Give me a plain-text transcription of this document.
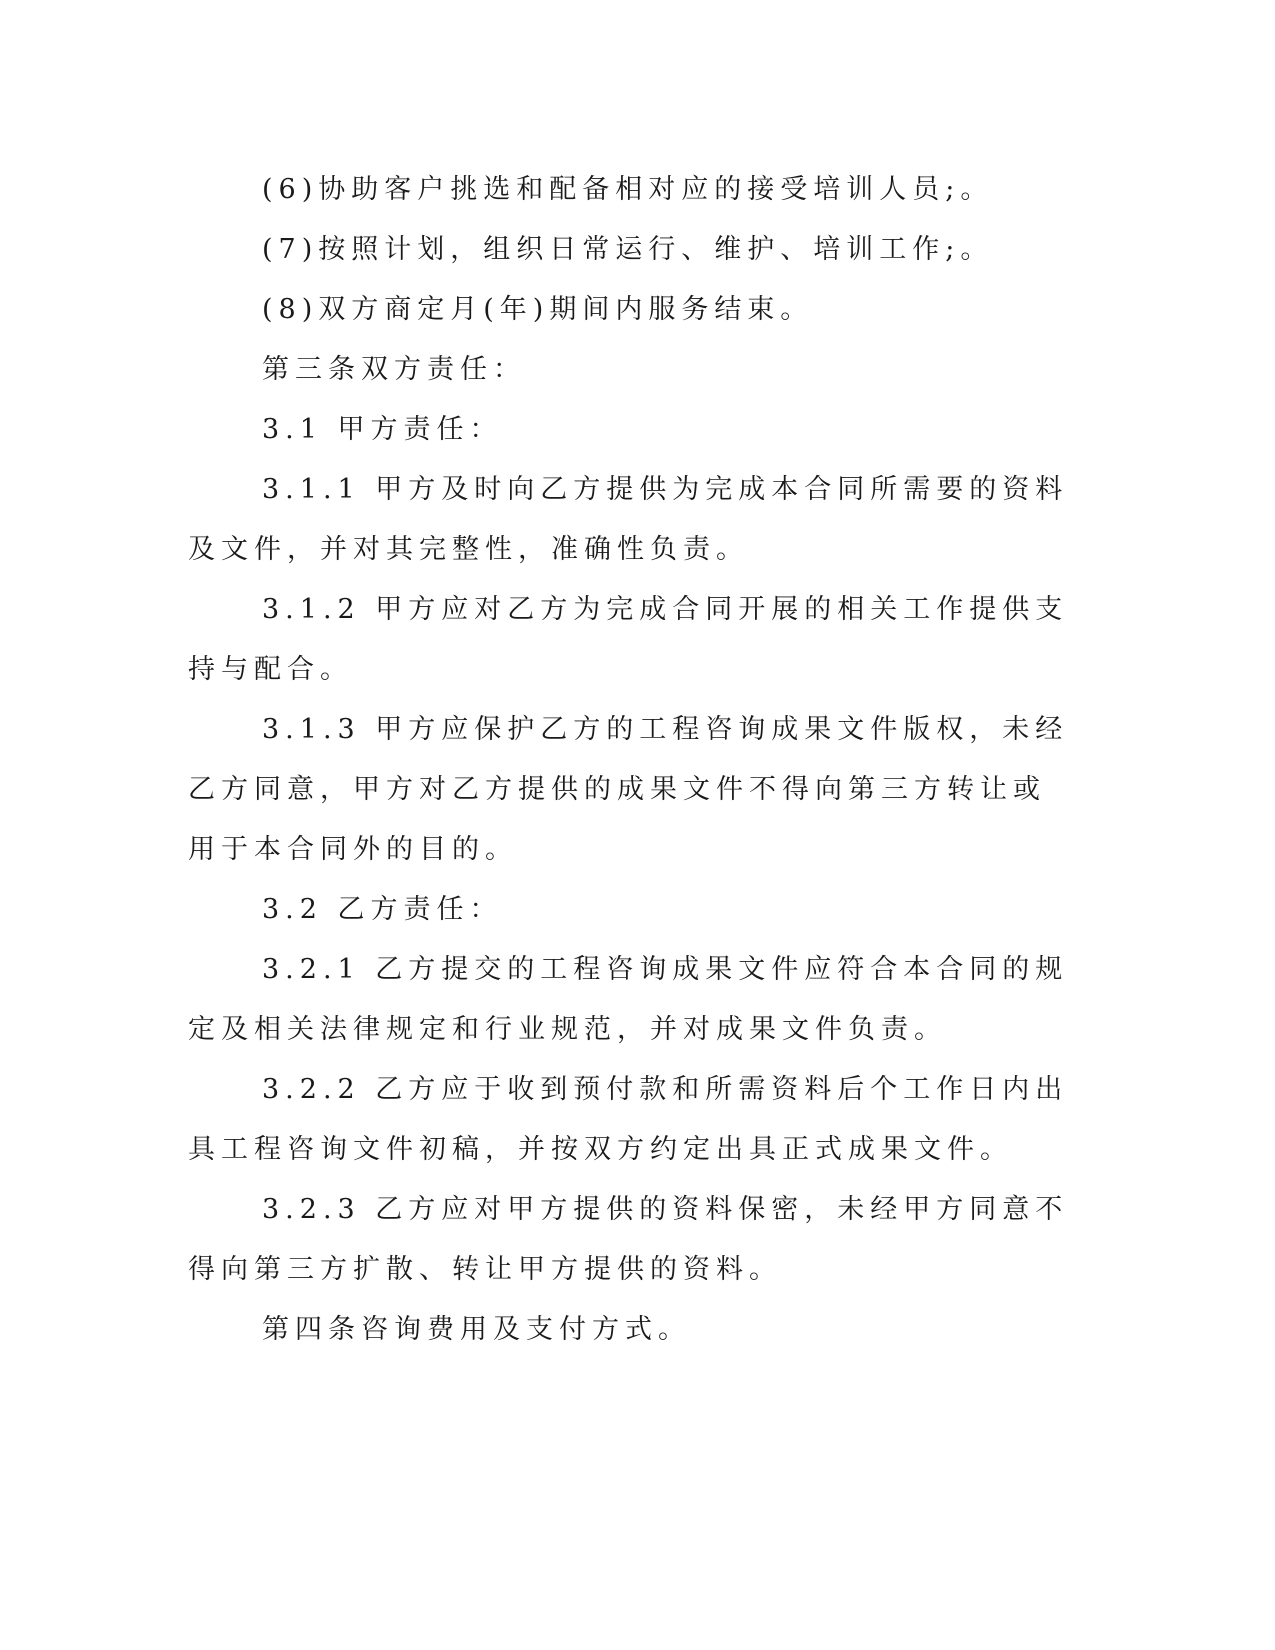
(6)协助客户挑选和配备相对应的接受培训人员;。

(7)按照计划，组织日常运行、维护、培训工作;。

(8)双方商定月(年)期间内服务结束。

第三条双方责任：

3.1 甲方责任：

3.1.1 甲方及时向乙方提供为完成本合同所需要的资料及文件，并对其完整性，准确性负责。

3.1.2 甲方应对乙方为完成合同开展的相关工作提供支持与配合。

3.1.3 甲方应保护乙方的工程咨询成果文件版权，未经乙方同意，甲方对乙方提供的成果文件不得向第三方转让或用于本合同外的目的。

3.2 乙方责任：

3.2.1 乙方提交的工程咨询成果文件应符合本合同的规定及相关法律规定和行业规范，并对成果文件负责。

3.2.2 乙方应于收到预付款和所需资料后个工作日内出具工程咨询文件初稿，并按双方约定出具正式成果文件。

3.2.3 乙方应对甲方提供的资料保密，未经甲方同意不得向第三方扩散、转让甲方提供的资料。

第四条咨询费用及支付方式。
